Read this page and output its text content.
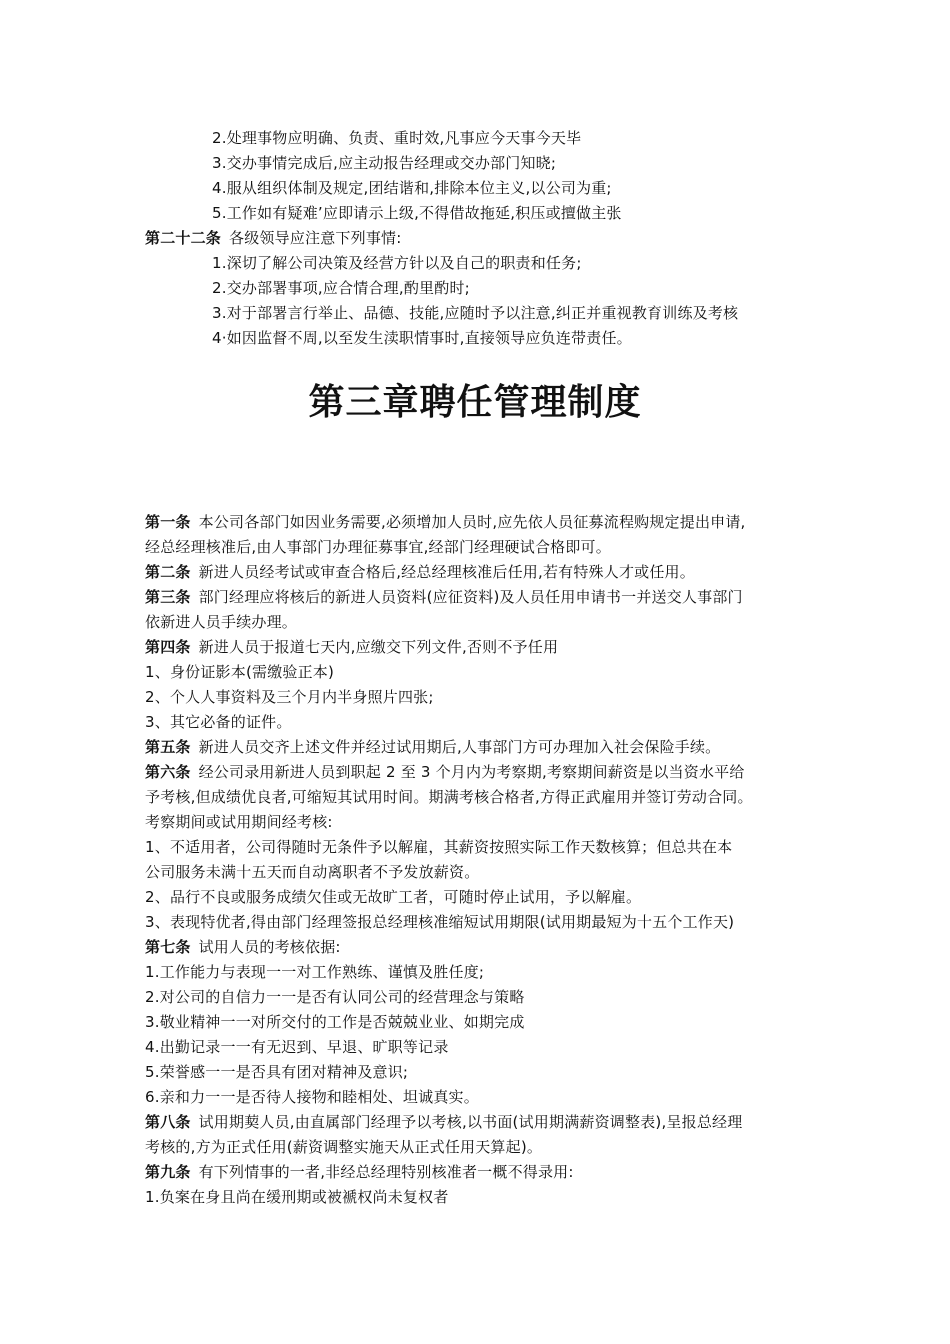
2.处理事物应明确、负责、重时效,凡事应今天事今天毕
3.交办事情完成后,应主动报告经理或交办部门知晓;
4.服从组织体制及规定,团结谐和,排除本位主义,以公司为重;
5.工作如有疑难’应即请示上级,不得借故拖延,积压或擅做主张
第二十二条 各级领导应注意下列事情:
1.深切了解公司决策及经营方针以及自己的职责和任务;
2.交办部署事项,应合情合理,酌里酌时;
3.对于部署言行举止、品德、技能,应随时予以注意,纠正并重视教育训练及考核
4·如因监督不周,以至发生渎职情事时,直接领导应负连带责任。
第三章聘任管理制度
第一条 本公司各部门如因业务需要,必须增加人员时,应先依人员征募流程购规定提出申请,
经总经理核准后,由人事部门办理征募事宜,经部门经理硬试合格即可。
第二条 新进人员经考试或审查合格后,经总经理核准后任用,若有特殊人才或任用。
第三条 部门经理应将核后的新进人员资料(应征资料)及人员任用申请书一并送交人事部门
依新进人员手续办理。
第四条 新进人员于报道七天内,应缴交下列文件,否则不予任用
1、身份证影本(需缴验正本)
2、个人人事资料及三个月内半身照片四张;
3、其它必备的证件。
第五条 新进人员交齐上述文件并经过试用期后,人事部门方可办理加入社会保险手续。
第六条 经公司录用新进人员到职起 2 至 3 个月内为考察期,考察期间薪资是以当资水平给
予考核,但成绩优良者,可缩短其试用时间。期满考核合格者,方得正武雇用并签订劳动合同。
考察期间或试用期间经考核:
1、不适用者，公司得随时无条件予以解雇，其薪资按照实际工作天数核算；但总共在本
公司服务未满十五天而自动离职者不予发放薪资。
2、品行不良或服务成绩欠佳或无故旷工者，可随时停止试用，予以解雇。
3、表现特优者,得由部门经理签报总经理核准缩短试用期限(试用期最短为十五个工作天)
第七条 试用人员的考核依据:
1.工作能力与表现一一对工作熟练、谨慎及胜任度;
2.对公司的自信力一一是否有认同公司的经营理念与策略
3.敬业精神一一对所交付的工作是否兢兢业业、如期完成
4.出勤记录一一有无迟到、早退、旷职等记录
5.荣誉感一一是否具有团对精神及意识;
6.亲和力一一是否待人接物和睦相处、坦诚真实。
第八条 试用期葜人员,由直属部门经理予以考核,以书面(试用期满薪资调整表),呈报总经理
考核的,方为正式任用(薪资调整实施天从正式任用天算起)。
第九条 有下列情事的一者,非经总经理特别核准者一概不得录用:
1.负案在身且尚在缓刑期或被褫权尚未复权者
